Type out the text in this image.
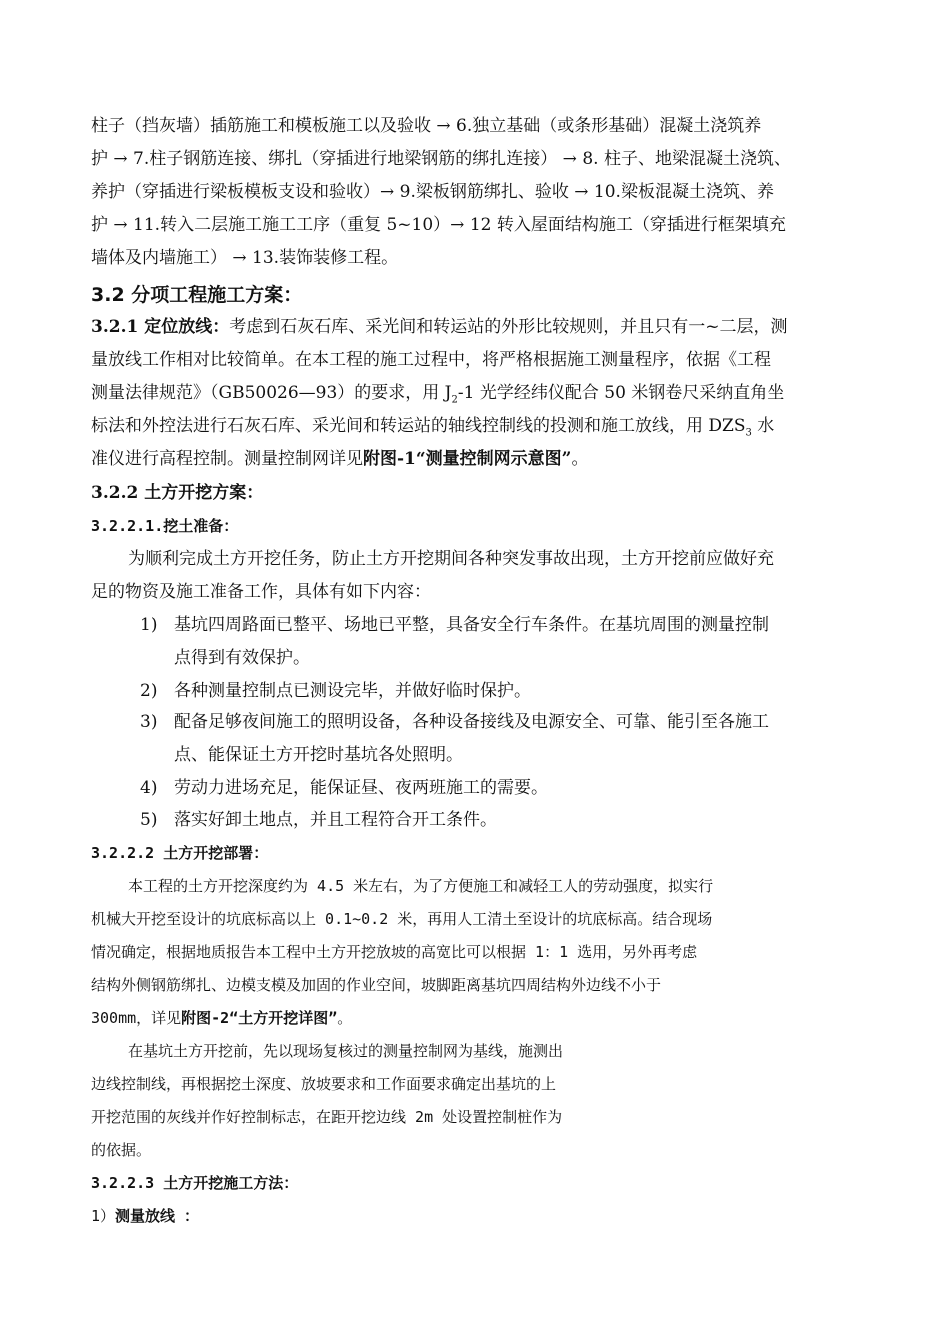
柱子（挡灰墙）插筋施工和模板施工以及验收 → 6.独立基础（或条形基础）混凝土浇筑养
护 → 7.柱子钢筋连接、绑扎（穿插进行地梁钢筋的绑扎连接） → 8. 柱子、地梁混凝土浇筑、
养护（穿插进行梁板模板支设和验收）→ 9.梁板钢筋绑扎、验收 → 10.梁板混凝土浇筑、养
护 → 11.转入二层施工施工工序（重复 5~10）→ 12 转入屋面结构施工（穿插进行框架填充
墙体及内墙施工） → 13.装饰装修工程。
3.2 分项工程施工方案：
3.2.1 定位放线：考虑到石灰石库、采光间和转运站的外形比较规则，并且只有一~二层，测
量放线工作相对比较简单。在本工程的施工过程中，将严格根据施工测量程序，依据《工程
测量法律规范》（GB50026—93）的要求，用 $J_2-1$ 光学经纬仪配合 50 米钢卷尺采纳直角坐
标法和外控法进行石灰石库、采光间和转运站的轴线控制线的投测和施工放线，用 $DZS_3$ 水
准仪进行高程控制。测量控制网详见附图-1“测量控制网示意图”。
3.2.2 土方开挖方案：
3.2.2.1.挖土准备：
为顺利完成土方开挖任务，防止土方开挖期间各种突发事故出现，土方开挖前应做好充
足的物资及施工准备工作，具体有如下内容：
1) 基坑四周路面已整平、场地已平整，具备安全行车条件。在基坑周围的测量控制
点得到有效保护。
2) 各种测量控制点已测设完毕，并做好临时保护。
3) 配备足够夜间施工的照明设备，各种设备接线及电源安全、可靠、能引至各施工
点、能保证土方开挖时基坑各处照明。
4) 劳动力进场充足，能保证昼、夜两班施工的需要。
5) 落实好卸土地点，并且工程符合开工条件。
3.2.2.2 土方开挖部署：
本工程的土方开挖深度约为 4.5 米左右，为了方便施工和减轻工人的劳动强度，拟实行
机械大开挖至设计的坑底标高以上 0.1~0.2 米，再用人工清土至设计的坑底标高。结合现场
情况确定，根据地质报告本工程中土方开挖放坡的高宽比可以根据 1：1 选用，另外再考虑
结构外侧钢筋绑扎、边模支模及加固的作业空间，坡脚距离基坑四周结构外边线不小于
300mm，详见附图-2“土方开挖详图”。
在基坑土方开挖前，先以现场复核过的测量控制网为基线，施测出
边线控制线，再根据挖土深度、放坡要求和工作面要求确定出基坑的上
开挖范围的灰线并作好控制标志，在距开挖边线 2m 处设置控制桩作为
的依据。
3.2.2.3 土方开挖施工方法：
1）测量放线 ：
